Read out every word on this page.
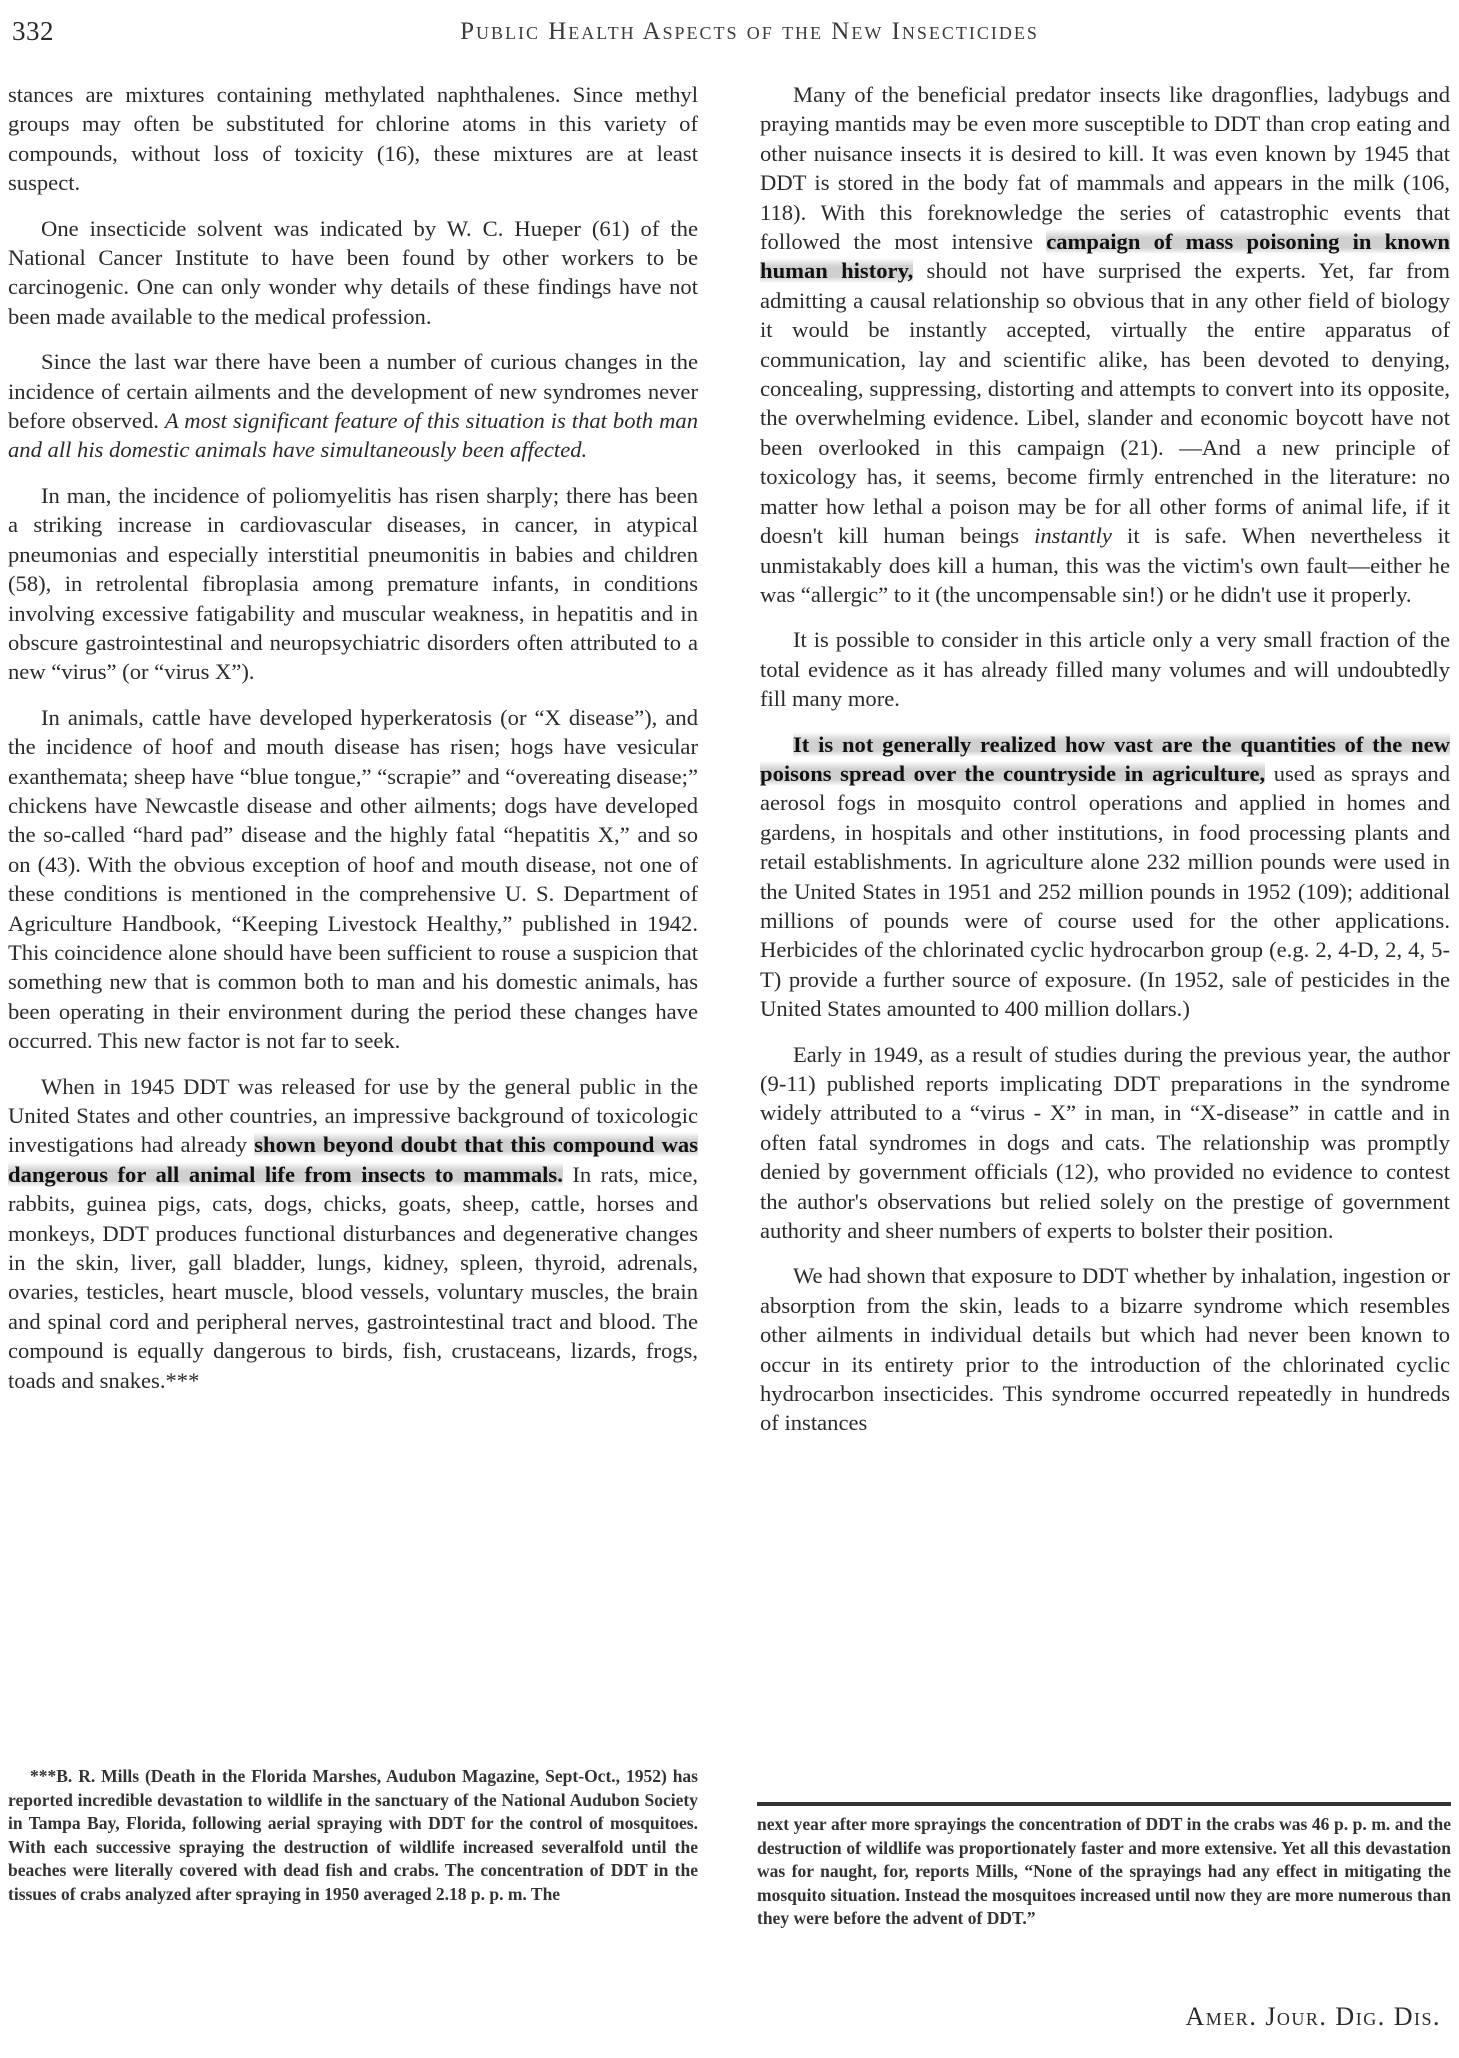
332	Public Health Aspects of the New Insecticides

stances are mixtures containing methylated naphthalenes. Since methyl groups may often be substituted for chlorine atoms in this variety of compounds, without loss of toxicity (16), these mixtures are at least suspect.

One insecticide solvent was indicated by W. C. Hueper (61) of the National Cancer Institute to have been found by other workers to be carcinogenic. One can only wonder why details of these findings have not been made available to the medical profession.

Since the last war there have been a number of curious changes in the incidence of certain ailments and the development of new syndromes never before observed. A most significant feature of this situation is that both man and all his domestic animals have simultaneously been affected.

In man, the incidence of poliomyelitis has risen sharply; there has been a striking increase in cardiovascular diseases, in cancer, in atypical pneumonias and especially interstitial pneumonitis in babies and children (58), in retrolental fibroplasia among premature infants, in conditions involving excessive fatigability and muscular weakness, in hepatitis and in obscure gastrointestinal and neuropsychiatric disorders often attributed to a new “virus” (or “virus X”).

In animals, cattle have developed hyperkeratosis (or “X disease”), and the incidence of hoof and mouth disease has risen; hogs have vesicular exanthemata; sheep have “blue tongue,” “scrapie” and “overeating disease;” chickens have Newcastle disease and other ailments; dogs have developed the so-called “hard pad” disease and the highly fatal “hepatitis X,” and so on (43). With the obvious exception of hoof and mouth disease, not one of these conditions is mentioned in the comprehensive U. S. Department of Agriculture Handbook, “Keeping Livestock Healthy,” published in 1942. This coincidence alone should have been sufficient to rouse a suspicion that something new that is common both to man and his domestic animals, has been operating in their environment during the period these changes have occurred. This new factor is not far to seek.

When in 1945 DDT was released for use by the general public in the United States and other countries, an impressive background of toxicologic investigations had already shown beyond doubt that this compound was dangerous for all animal life from insects to mammals. In rats, mice, rabbits, guinea pigs, cats, dogs, chicks, goats, sheep, cattle, horses and monkeys, DDT produces functional disturbances and degenerative changes in the skin, liver, gall bladder, lungs, kidney, spleen, thyroid, adrenals, ovaries, testicles, heart muscle, blood vessels, voluntary muscles, the brain and spinal cord and peripheral nerves, gastrointestinal tract and blood. The compound is equally dangerous to birds, fish, crustaceans, lizards, frogs, toads and snakes.***

***B. R. Mills (Death in the Florida Marshes, Audubon Magazine, Sept-Oct., 1952) has reported incredible devastation to wildlife in the sanctuary of the National Audubon Society in Tampa Bay, Florida, following aerial spraying with DDT for the control of mosquitoes. With each successive spraying the destruction of wildlife increased severalfold until the beaches were literally covered with dead fish and crabs. The concentration of DDT in the tissues of crabs analyzed after spraying in 1950 averaged 2.18 p. p. m. The

Many of the beneficial predator insects like dragonflies, ladybugs and praying mantids may be even more susceptible to DDT than crop eating and other nuisance insects it is desired to kill. It was even known by 1945 that DDT is stored in the body fat of mammals and appears in the milk (106, 118). With this foreknowledge the series of catastrophic events that followed the most intensive campaign of mass poisoning in known human history, should not have surprised the experts. Yet, far from admitting a causal relationship so obvious that in any other field of biology it would be instantly accepted, virtually the entire apparatus of communication, lay and scientific alike, has been devoted to denying, concealing, suppressing, distorting and attempts to convert into its opposite, the overwhelming evidence. Libel, slander and economic boycott have not been overlooked in this campaign (21). —And a new principle of toxicology has, it seems, become firmly entrenched in the literature: no matter how lethal a poison may be for all other forms of animal life, if it doesn't kill human beings instantly it is safe. When nevertheless it unmistakably does kill a human, this was the victim's own fault—either he was “allergic” to it (the uncompensable sin!) or he didn't use it properly.

It is possible to consider in this article only a very small fraction of the total evidence as it has already filled many volumes and will undoubtedly fill many more.

It is not generally realized how vast are the quantities of the new poisons spread over the countryside in agriculture, used as sprays and aerosol fogs in mosquito control operations and applied in homes and gardens, in hospitals and other institutions, in food processing plants and retail establishments. In agriculture alone 232 million pounds were used in the United States in 1951 and 252 million pounds in 1952 (109); additional millions of pounds were of course used for the other applications. Herbicides of the chlorinated cyclic hydrocarbon group (e.g. 2, 4-D, 2, 4, 5-T) provide a further source of exposure. (In 1952, sale of pesticides in the United States amounted to 400 million dollars.)

Early in 1949, as a result of studies during the previous year, the author (9-11) published reports implicating DDT preparations in the syndrome widely attributed to a “virus - X” in man, in “X-disease” in cattle and in often fatal syndromes in dogs and cats. The relationship was promptly denied by government officials (12), who provided no evidence to contest the author's observations but relied solely on the prestige of government authority and sheer numbers of experts to bolster their position.

We had shown that exposure to DDT whether by inhalation, ingestion or absorption from the skin, leads to a bizarre syndrome which resembles other ailments in individual details but which had never been known to occur in its entirety prior to the introduction of the chlorinated cyclic hydrocarbon insecticides. This syndrome occurred repeatedly in hundreds of instances

next year after more sprayings the concentration of DDT in the crabs was 46 p. p. m. and the destruction of wildlife was proportionately faster and more extensive. Yet all this devastation was for naught, for, reports Mills, “None of the sprayings had any effect in mitigating the mosquito situation. Instead the mosquitoes increased until now they are more numerous than they were before the advent of DDT.”
Amer. Jour. Dig. Dis.
